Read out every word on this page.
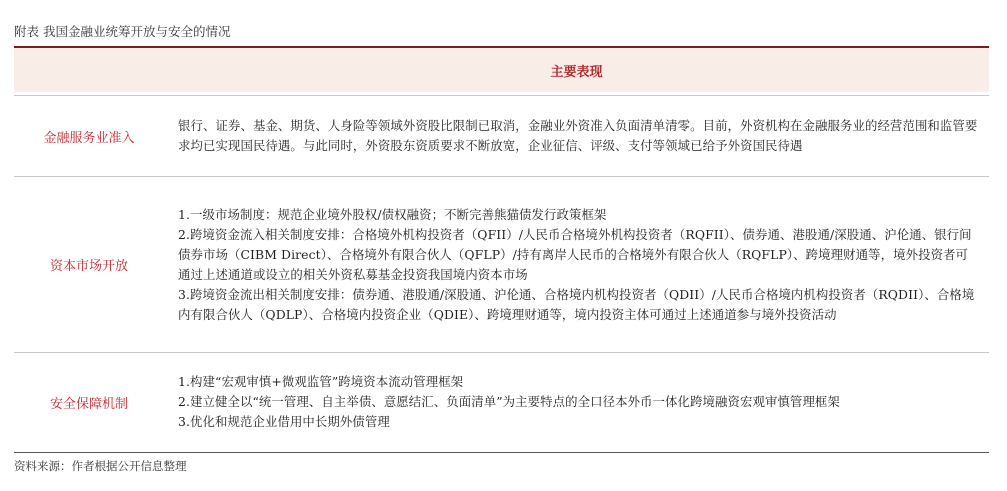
附表 我国金融业统筹开放与安全的情况
主要表现
金融服务业准入

银行、证券、基金、期货、人身险等领域外资股比限制已取消，金融业外资准入负面清单清零。目前，外资机构在金融服务业的经营范围和监管要求均已实现国民待遇。与此同时，外资股东资质要求不断放宽，企业征信、评级、支付等领域已给予外资国民待遇

资本市场开放

1.一级市场制度：规范企业境外股权/债权融资；不断完善熊猫债发行政策框架

2.跨境资金流入相关制度安排：合格境外机构投资者（QFII）/人民币合格境外机构投资者（RQFII）、债券通、港股通/深股通、沪伦通、银行间债券市场（CIBM Direct）、合格境外有限合伙人（QFLP）/持有离岸人民币的合格境外有限合伙人（RQFLP）、跨境理财通等，境外投资者可通过上述通道或设立的相关外资私募基金投资我国境内资本市场

3.跨境资金流出相关制度安排：债券通、港股通/深股通、沪伦通、合格境内机构投资者（QDII）/人民币合格境内机构投资者（RQDII）、合格境内有限合伙人（QDLP）、合格境内投资企业（QDIE）、跨境理财通等，境内投资主体可通过上述通道参与境外投资活动

安全保障机制

1.构建“宏观审慎+微观监管”跨境资本流动管理框架

2.建立健全以“统一管理、自主举债、意愿结汇、负面清单”为主要特点的全口径本外币一体化跨境融资宏观审慎管理框架

3.优化和规范企业借用中长期外债管理

资料来源：作者根据公开信息整理
